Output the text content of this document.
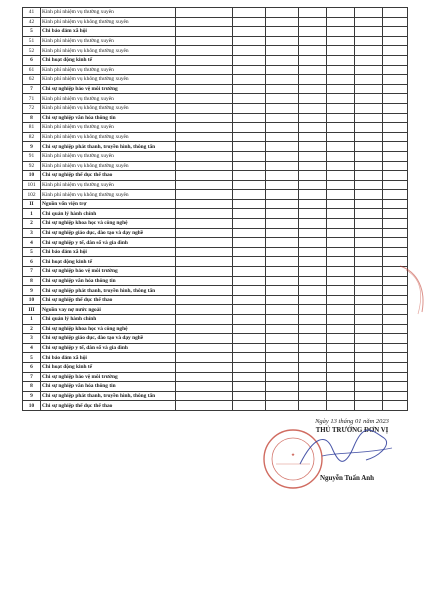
41	Kinh phí nhiệm vụ thường xuyên							
42	Kinh phí nhiệm vụ không thường xuyên							
5	Chi bảo đảm xã hội							
51	Kinh phí nhiệm vụ thường xuyên							
52	Kinh phí nhiệm vụ không thường xuyên							
6	Chi hoạt động kinh tế							
61	Kinh phí nhiệm vụ thường xuyên							
62	Kinh phí nhiệm vụ không thường xuyên							
7	Chi sự nghiệp bảo vệ môi trường							
71	Kinh phí nhiệm vụ thường xuyên							
72	Kinh phí nhiệm vụ không thường xuyên							
8	Chi sự nghiệp văn hóa thông tin							
81	Kinh phí nhiệm vụ thường xuyên							
82	Kinh phí nhiệm vụ không thường xuyên							
9	Chi sự nghiệp phát thanh, truyền hình, thông tấn							
91	Kinh phí nhiệm vụ thường xuyên							
92	Kinh phí nhiệm vụ không thường xuyên							
10	Chi sự nghiệp thể dục thể thao							
101	Kinh phí nhiệm vụ thường xuyên							
102	Kinh phí nhiệm vụ không thường xuyên							
II	Nguồn vốn viện trợ							
1	Chi quản lý hành chính							
2	Chi sự nghiệp khoa học và công nghệ							
3	Chi sự nghiệp giáo dục, đào tạo và dạy nghề							
4	Chi sự nghiệp y tế, dân số và gia đình							
5	Chi bảo đảm xã hội							
6	Chi hoạt động kinh tế							
7	Chi sự nghiệp bảo vệ môi trường							
8	Chi sự nghiệp văn hóa thông tin							
9	Chi sự nghiệp phát thanh, truyền hình, thông tấn							
10	Chi sự nghiệp thể dục thể thao							
III	Nguồn vay nợ nước ngoài							
1	Chi quản lý hành chính							
2	Chi sự nghiệp khoa học và công nghệ							
3	Chi sự nghiệp giáo dục, đào tạo và dạy nghề							
4	Chi sự nghiệp y tế, dân số và gia đình							
5	Chi bảo đảm xã hội							
6	Chi hoạt động kinh tế							
7	Chi sự nghiệp bảo vệ môi trường							
8	Chi sự nghiệp văn hóa thông tin							
9	Chi sự nghiệp phát thanh, truyền hình, thông tấn							
10	Chi sự nghiệp thể dục thể thao							
Ngày 13 tháng 01 năm 2023
THỦ TRƯỞNG ĐƠN VỊ
★
Nguyễn Tuấn Anh
